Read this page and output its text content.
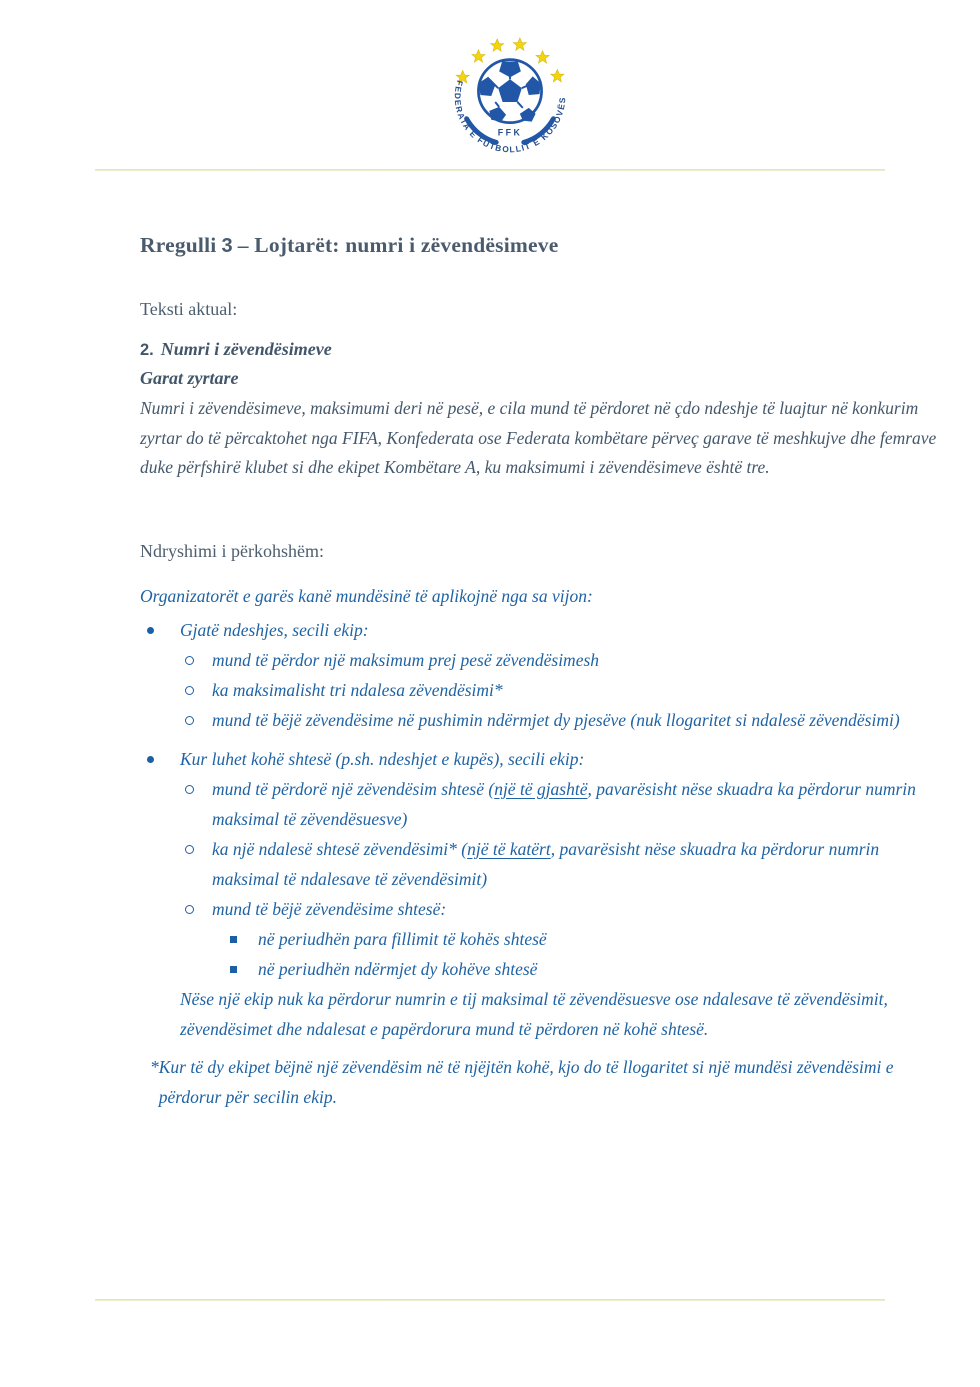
FFK
FEDERATA E FUTBOLLIT E KOSOVËS
Rregulli 3 – Lojtarët: numri i zëvendësimeve

Teksti aktual:

2. Numri i zëvendësimeve

Garat zyrtare

Numri i zëvendësimeve, maksimumi deri në pesë, e cila mund të përdoret në çdo ndeshje të luajtur në konkurim zyrtar do të përcaktohet nga FIFA, Konfederata ose Federata kombëtare përveç garave të meshkujve dhe femrave duke përfshirë klubet si dhe ekipet Kombëtare A, ku maksimumi i zëvendësimeve është tre.

Ndryshimi i përkohshëm:

Organizatorët e garës kanë mundësinë të aplikojnë nga sa vijon:

Gjatë ndeshjes, secili ekip:
mund të përdor një maksimum prej pesë zëvendësimesh
ka maksimalisht tri ndalesa zëvendësimi*
mund të bëjë zëvendësime në pushimin ndërmjet dy pjesëve (nuk llogaritet si ndalesë zëvendësimi)
Kur luhet kohë shtesë (p.sh. ndeshjet e kupës), secili ekip:
mund të përdorë një zëvendësim shtesë (një të gjashtë, pavarësisht nëse skuadra ka përdorur numrin maksimal të zëvendësuesve)
ka një ndalesë shtesë zëvendësimi* (një të katërt, pavarësisht nëse skuadra ka përdorur numrin maksimal të ndalesave të zëvendësimit)
mund të bëjë zëvendësime shtesë:
në periudhën para fillimit të kohës shtesë
në periudhën ndërmjet dy kohëve shtesë
Nëse një ekip nuk ka përdorur numrin e tij maksimal të zëvendësuesve ose ndalesave të zëvendësimit, zëvendësimet dhe ndalesat e papërdorura mund të përdoren në kohë shtesë.
* Kur të dy ekipet bëjnë një zëvendësim në të njëjtën kohë, kjo do të llogaritet si një mundësi zëvendësimi e përdorur për secilin ekip.
